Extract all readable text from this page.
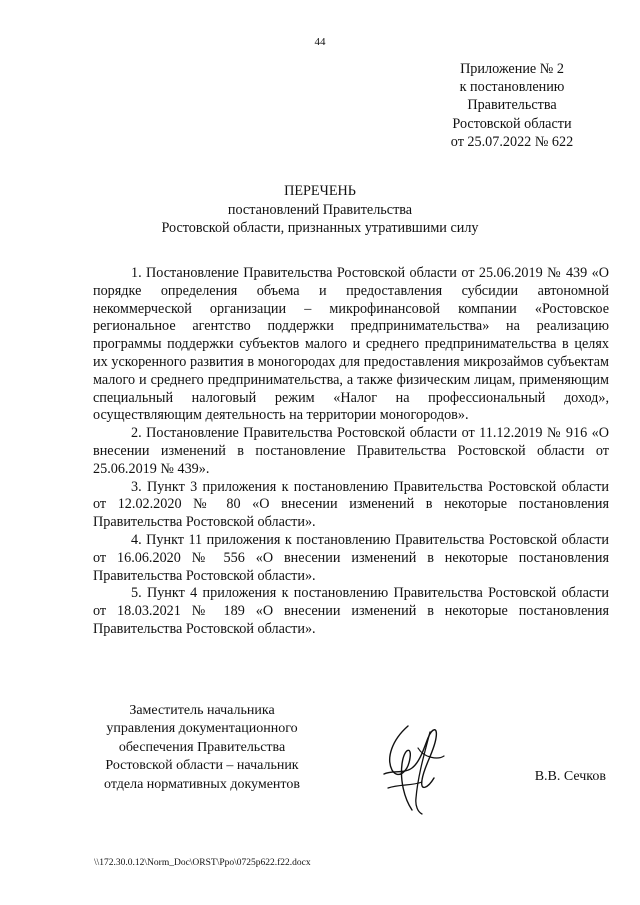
44
Приложение № 2
к постановлению
Правительства
Ростовской области
от 25.07.2022 № 622
ПЕРЕЧЕНЬ
постановлений Правительства
Ростовской области, признанных утратившими силу

1. Постановление Правительства Ростовской области от 25.06.2019 № 439 «О порядке определения объема и предоставления субсидии автономной некоммерческой организации – микрофинансовой компании «Ростовское региональное агентство поддержки предпринимательства» на реализацию программы поддержки субъектов малого и среднего предпринимательства в целях их ускоренного развития в моногородах для предоставления микрозаймов субъектам малого и среднего предпринимательства, а также физическим лицам, применяющим специальный налоговый режим «Налог на профессиональный доход», осуществляющим деятельность на территории моногородов».

2. Постановление Правительства Ростовской области от 11.12.2019 № 916 «О внесении изменений в постановление Правительства Ростовской области от 25.06.2019 № 439».

3. Пункт 3 приложения к постановлению Правительства Ростовской области от 12.02.2020 № 80 «О внесении изменений в некоторые постановления Правительства Ростовской области».

4. Пункт 11 приложения к постановлению Правительства Ростовской области от 16.06.2020 № 556 «О внесении изменений в некоторые постановления Правительства Ростовской области».

5. Пункт 4 приложения к постановлению Правительства Ростовской области от 18.03.2021 № 189 «О внесении изменений в некоторые постановления Правительства Ростовской области».

Заместитель начальника
управления документационного
обеспечения Правительства
Ростовской области – начальник
отдела нормативных документов
В.В. Сечков
\\172.30.0.12\Norm_Doc\ORST\Ppo\0725p622.f22.docx
